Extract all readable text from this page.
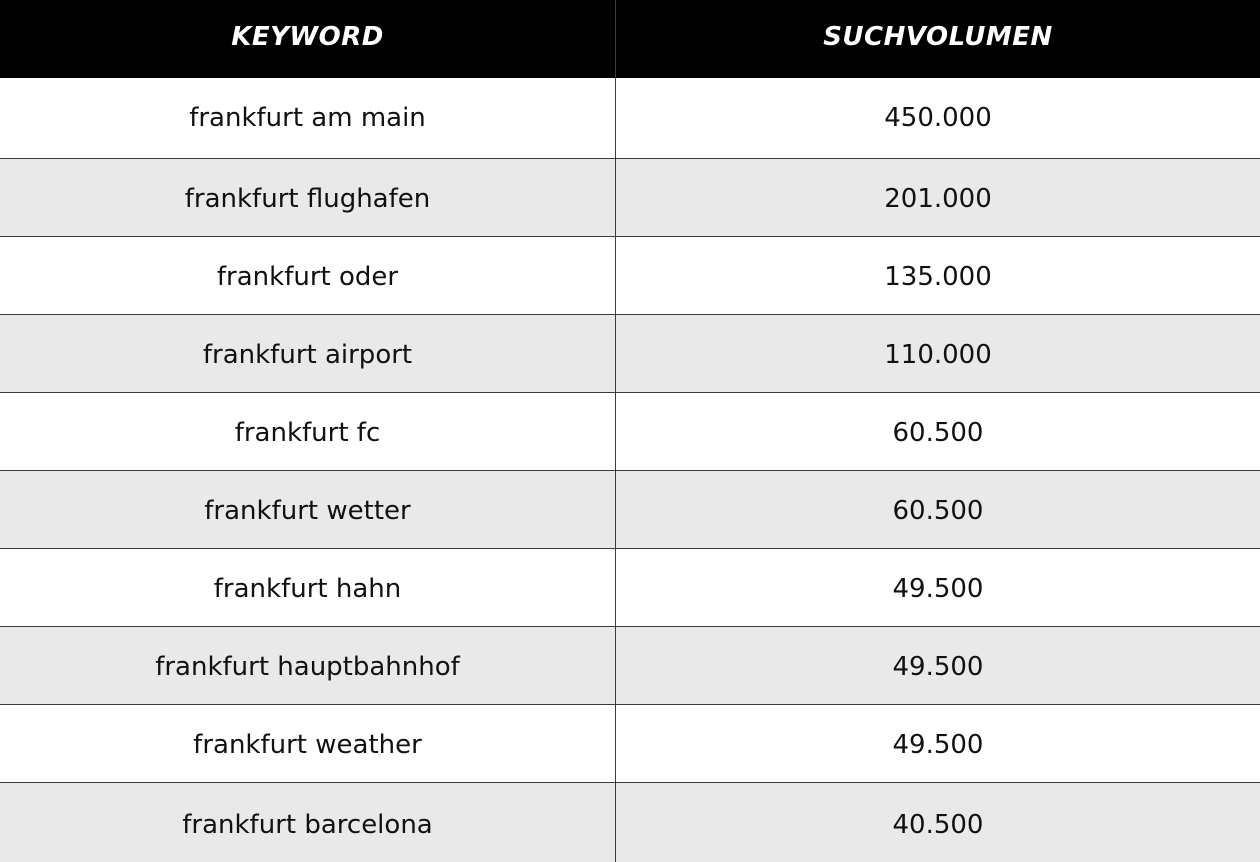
KEYWORD	SUCHVOLUMEN
frankfurt am main	450.000
frankfurt flughafen	201.000
frankfurt oder	135.000
frankfurt airport	110.000
frankfurt fc	60.500
frankfurt wetter	60.500
frankfurt hahn	49.500
frankfurt hauptbahnhof	49.500
frankfurt weather	49.500
frankfurt barcelona	40.500
